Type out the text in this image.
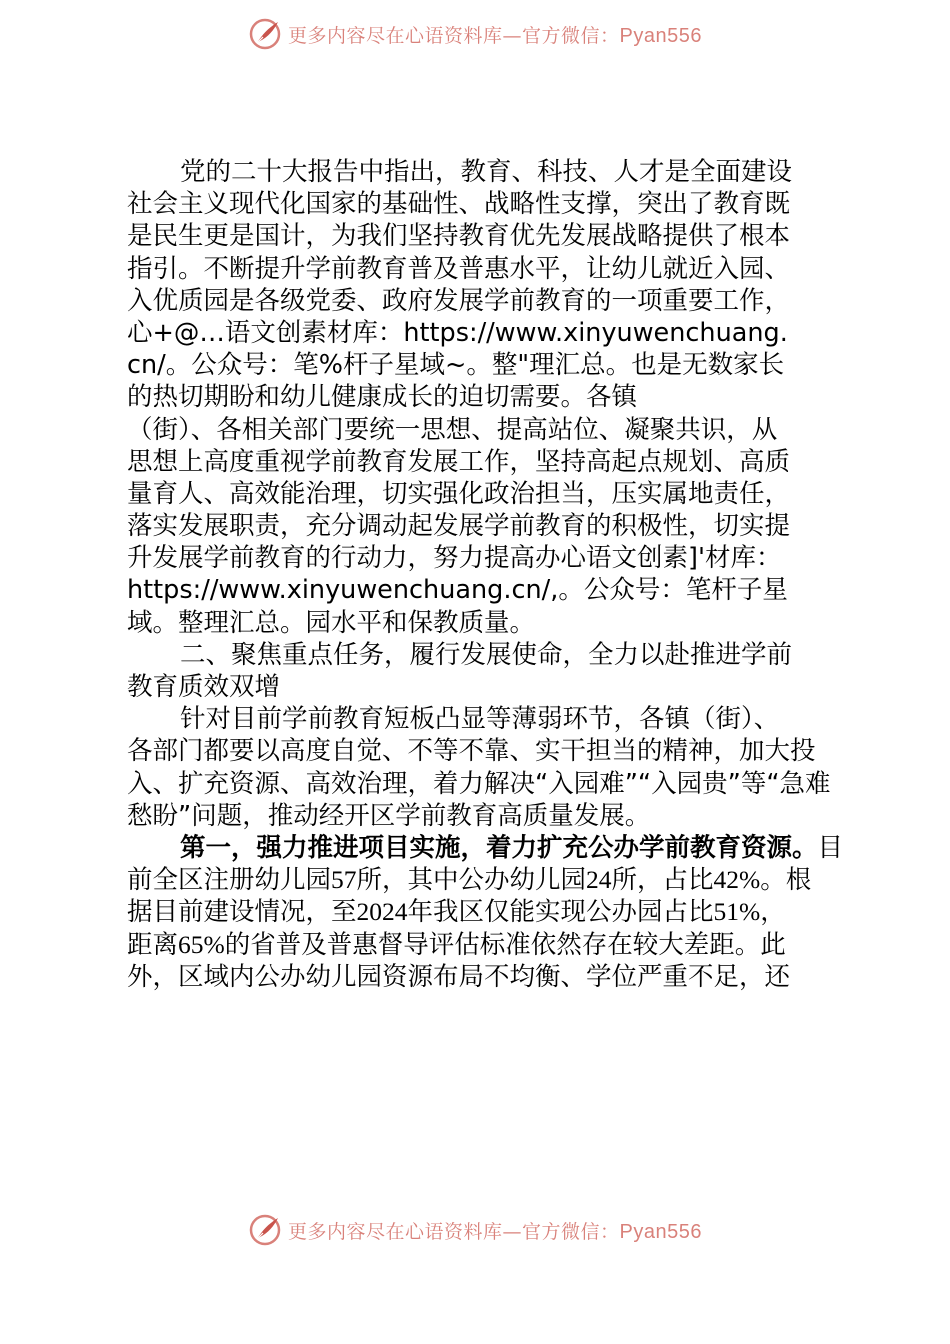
更多内容尽在心语资料库—官方微信：Pyan556
党的二十大报告中指出，教育、科技、人才是全面建设
社会主义现代化国家的基础性、战略性支撑，突出了教育既
是民生更是国计，为我们坚持教育优先发展战略提供了根本
指引。不断提升学前教育普及普惠水平，让幼儿就近入园、
入优质园是各级党委、政府发展学前教育的一项重要工作，
心+@…语文创素材库：https://www.xinyuwenchuang.
cn/。公众号：笔%杆子星域~。整"理汇总。也是无数家长
的热切期盼和幼儿健康成长的迫切需要。各镇
（街）、各相关部门要统一思想、提高站位、凝聚共识，从
思想上高度重视学前教育发展工作，坚持高起点规划、高质
量育人、高效能治理，切实强化政治担当，压实属地责任，
落实发展职责，充分调动起发展学前教育的积极性，切实提
升发展学前教育的行动力，努力提高办心语文创素]'材库：
https://www.xinyuwenchuang.cn/,。公众号：笔杆子星
域。整理汇总。园水平和保教质量。
二、聚焦重点任务，履行发展使命，全力以赴推进学前
教育质效双增
针对目前学前教育短板凸显等薄弱环节，各镇（街）、
各部门都要以高度自觉、不等不靠、实干担当的精神，加大投
入、扩充资源、高效治理，着力解决“入园难”“入园贵”等“急难
愁盼”问题，推动经开区学前教育高质量发展。
第一，强力推进项目实施，着力扩充公办学前教育资源。目
前全区注册幼儿园57所，其中公办幼儿园24所，占比42%。根
据目前建设情况，至2024年我区仅能实现公办园占比51%，
距离65%的省普及普惠督导评估标准依然存在较大差距。此
外，区域内公办幼儿园资源布局不均衡、学位严重不足，还
更多内容尽在心语资料库—官方微信：Pyan556
